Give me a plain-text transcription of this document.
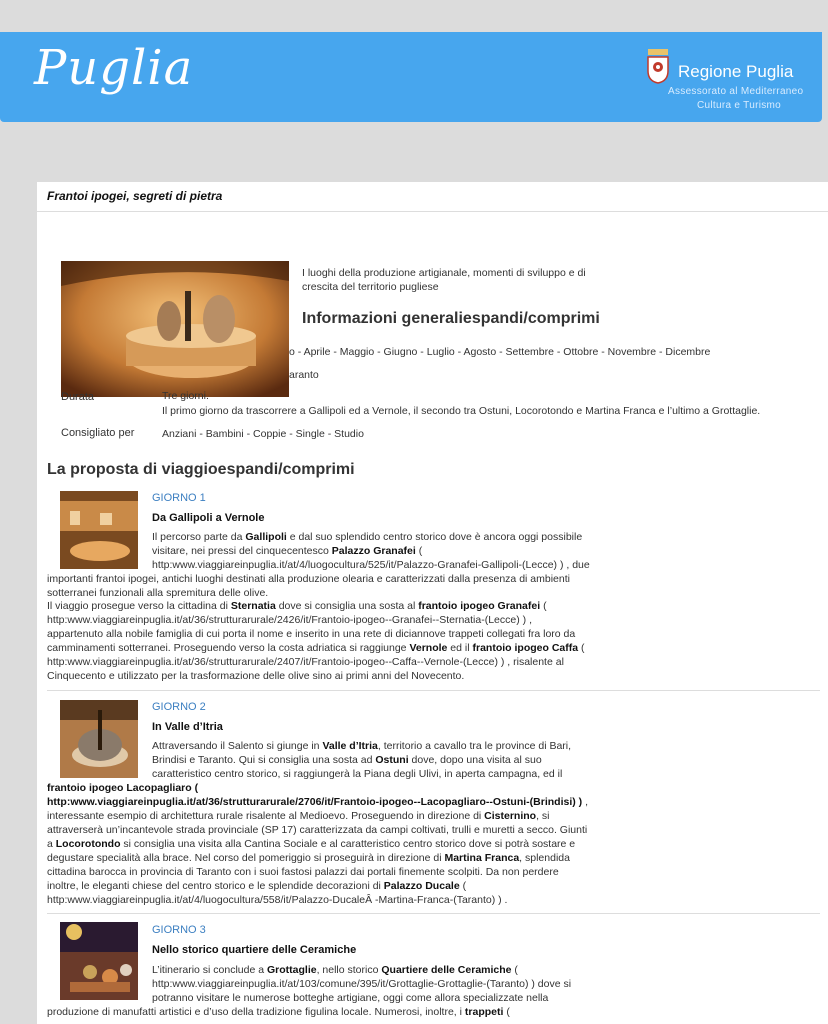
Puglia	Regione Puglia
Assessorato al Mediterraneo
Cultura e Turismo
Frantoi ipogei, segreti di pietra
I luoghi della produzione artigianale, momenti di sviluppo e di crescita del territorio pugliese
Informazioni generaliespandi/comprimi
o - Aprile - Maggio - Giugno - Luglio - Agosto - Settembre - Ottobre - Novembre - Dicembre
aranto
Durata	Tre giorni.
Il primo giorno da trascorrere a Gallipoli ed a Vernole, il secondo tra Ostuni, Locorotondo e Martina Franca e l’ultimo a Grottaglie.
Consigliato per	Anziani - Bambini - Coppie - Single - Studio
La proposta di viaggioespandi/comprimi
GIORNO 1
Da Gallipoli a Vernole
Il percorso parte da Gallipoli e dal suo splendido centro storico dove è ancora oggi possibile
visitare, nei pressi del cinquecentesco Palazzo Granafei (
http:www.viaggiareinpuglia.it/at/4/luogocultura/525/it/Palazzo-Granafei-Gallipoli-(Lecce) ) , due
importanti frantoi ipogei, antichi luoghi destinati alla produzione olearia e caratterizzati dalla presenza di ambienti
sotterranei funzionali alla spremitura delle olive.
Il viaggio prosegue verso la cittadina di Sternatia dove si consiglia una sosta al frantoio ipogeo Granafei (
http:www.viaggiareinpuglia.it/at/36/strutturarurale/2426/it/Frantoio-ipogeo--Granafei--Sternatia-(Lecce) ) ,
appartenuto alla nobile famiglia di cui porta il nome e inserito in una rete di diciannove trappeti collegati fra loro da
camminamenti sotterranei. Proseguendo verso la costa adriatica si raggiunge Vernole ed il frantoio ipogeo Caffa (
http:www.viaggiareinpuglia.it/at/36/strutturarurale/2407/it/Frantoio-ipogeo--Caffa--Vernole-(Lecce) ) , risalente al
Cinquecento e utilizzato per la trasformazione delle olive sino ai primi anni del Novecento.
GIORNO 2
In Valle d’Itria
Attraversando il Salento si giunge in Valle d’Itria, territorio a cavallo tra le province di Bari,
Brindisi e Taranto. Qui si consiglia una sosta ad Ostuni dove, dopo una visita al suo
caratteristico centro storico, si raggiungerà la Piana degli Ulivi, in aperta campagna, ed il
frantoio ipogeo Lacopagliaro (
http:www.viaggiareinpuglia.it/at/36/strutturarurale/2706/it/Frantoio-ipogeo--Lacopagliaro--Ostuni-(Brindisi) ) ,
interessante esempio di architettura rurale risalente al Medioevo. Proseguendo in direzione di Cisternino, si
attraverserà un’incantevole strada provinciale (SP 17) caratterizzata da campi coltivati, trulli e muretti a secco. Giunti
a Locorotondo si consiglia una visita alla Cantina Sociale e al caratteristico centro storico dove si potrà sostare e
degustare specialità alla brace. Nel corso del pomeriggio si proseguirà in direzione di Martina Franca, splendida
cittadina barocca in provincia di Taranto con i suoi fastosi palazzi dai portali finemente scolpiti. Da non perdere
inoltre, le eleganti chiese del centro storico e le splendide decorazioni di Palazzo Ducale (
http:www.viaggiareinpuglia.it/at/4/luogocultura/558/it/Palazzo-DucaleÂ -Martina-Franca-(Taranto) ) .
GIORNO 3
Nello storico quartiere delle Ceramiche
L’itinerario si conclude a Grottaglie, nello storico Quartiere delle Ceramiche (
http:www.viaggiareinpuglia.it/at/103/comune/395/it/Grottaglie-Grottaglie-(Taranto) ) dove si
potranno visitare le numerose botteghe artigiane, oggi come allora specializzate nella
produzione di manufatti artistici e d’uso della tradizione figulina locale. Numerosi, inoltre, i trappeti (
